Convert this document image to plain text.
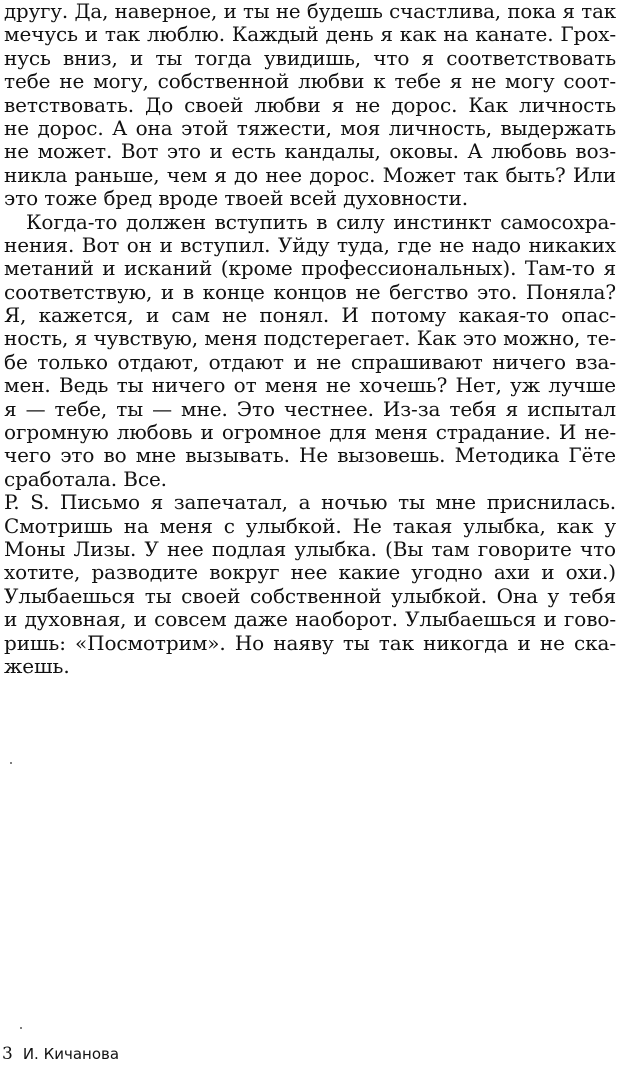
другу. Да, наверное, и ты не будешь счастлива, пока я так
мечусь и так люблю. Каждый день я как на канате. Грох-
нусь вниз, и ты тогда увидишь, что я соответствовать
тебе не могу, собственной любви к тебе я не могу соот-
ветствовать. До своей любви я не дорос. Как личность
не дорос. А она этой тяжести, моя личность, выдержать
не может. Вот это и есть кандалы, оковы. А любовь воз-
никла раньше, чем я до нее дорос. Может так быть? Или
это тоже бред вроде твоей всей духовности.
Когда-то должен вступить в силу инстинкт самосохра-
нения. Вот он и вступил. Уйду туда, где не надо никаких
метаний и исканий (кроме профессиональных). Там-то я
соответствую, и в конце концов не бегство это. Поняла?
Я, кажется, и сам не понял. И потому какая-то опас-
ность, я чувствую, меня подстерегает. Как это можно, те-
бе только отдают, отдают и не спрашивают ничего вза-
мен. Ведь ты ничего от меня не хочешь? Нет, уж лучше
я — тебе, ты — мне. Это честнее. Из-за тебя я испытал
огромную любовь и огромное для меня страдание. И не-
чего это во мне вызывать. Не вызовешь. Методика Гёте
сработала. Все.
P. S. Письмо я запечатал, а ночью ты мне приснилась.
Смотришь на меня с улыбкой. Не такая улыбка, как у
Моны Лизы. У нее подлая улыбка. (Вы там говорите что
хотите, разводите вокруг нее какие угодно ахи и охи.)
Улыбаешься ты своей собственной улыбкой. Она у тебя
и духовная, и совсем даже наоборот. Улыбаешься и гово-
ришь: «Посмотрим». Но наяву ты так никогда и не ска-
жешь.
3 И. Кичанова
